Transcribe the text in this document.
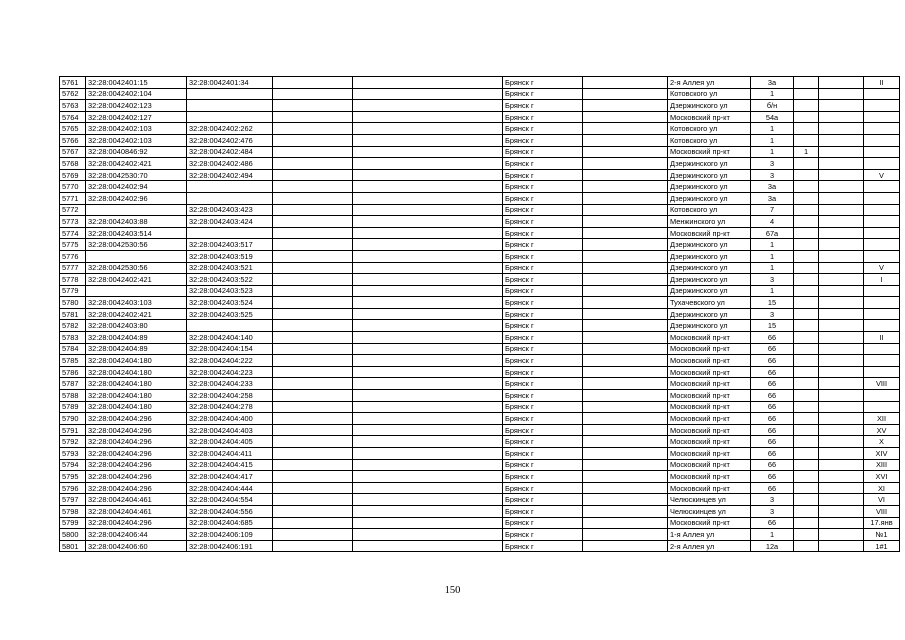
5761	32:28:0042401:15	32:28:0042401:34			Брянск г		2-я Аллея ул	3а			II
5762	32:28:0042402:104				Брянск г		Котовского ул	1			
5763	32:28:0042402:123				Брянск г		Дзержинского ул	б/н			
5764	32:28:0042402:127				Брянск г		Московский пр-кт	54а			
5765	32:28:0042402:103	32:28:0042402:262			Брянск г		Котовского ул	1			
5766	32:28:0042402:103	32:28:0042402:476			Брянск г		Котовского ул	1			
5767	32:28:0040846:92	32:28:0042402:484			Брянск г		Московский пр-кт	1	1		
5768	32:28:0042402:421	32:28:0042402:486			Брянск г		Дзержинского ул	3			
5769	32:28:0042530:70	32:28:0042402:494			Брянск г		Дзержинского ул	3			V
5770	32:28:0042402:94				Брянск г		Дзержинского ул	3а			
5771	32:28:0042402:96				Брянск г		Дзержинского ул	3а			
5772		32:28:0042403:423			Брянск г		Котовского ул	7			
5773	32:28:0042403:88	32:28:0042403:424			Брянск г		Менжинского ул	4			
5774	32:28:0042403:514				Брянск г		Московский пр-кт	67а			
5775	32:28:0042530:56	32:28:0042403:517			Брянск г		Дзержинского ул	1			
5776		32:28:0042403:519			Брянск г		Дзержинского ул	1			
5777	32:28:0042530:56	32:28:0042403:521			Брянск г		Дзержинского ул	1			V
5778	32:28:0042402:421	32:28:0042403:522			Брянск г		Дзержинского ул	3			I
5779		32:28:0042403:523			Брянск г		Дзержинского ул	1			
5780	32:28:0042403:103	32:28:0042403:524			Брянск г		Тухачевского ул	15			
5781	32:28:0042402:421	32:28:0042403:525			Брянск г		Дзержинского ул	3			
5782	32:28:0042403:80				Брянск г		Дзержинского ул	15			
5783	32:28:0042404:89	32:28:0042404:140			Брянск г		Московский пр-кт	66			II
5784	32:28:0042404:89	32:28:0042404:154			Брянск г		Московский пр-кт	66			
5785	32:28:0042404:180	32:28:0042404:222			Брянск г		Московский пр-кт	66			
5786	32:28:0042404:180	32:28:0042404:223			Брянск г		Московский пр-кт	66			
5787	32:28:0042404:180	32:28:0042404:233			Брянск г		Московский пр-кт	66			VIII
5788	32:28:0042404:180	32:28:0042404:258			Брянск г		Московский пр-кт	66			
5789	32:28:0042404:180	32:28:0042404:278			Брянск г		Московский пр-кт	66			
5790	32:28:0042404:296	32:28:0042404:400			Брянск г		Московский пр-кт	66			XII
5791	32:28:0042404:296	32:28:0042404:403			Брянск г		Московский пр-кт	66			XV
5792	32:28:0042404:296	32:28:0042404:405			Брянск г		Московский пр-кт	66			X
5793	32:28:0042404:296	32:28:0042404:411			Брянск г		Московский пр-кт	66			XIV
5794	32:28:0042404:296	32:28:0042404:415			Брянск г		Московский пр-кт	66			XIII
5795	32:28:0042404:296	32:28:0042404:417			Брянск г		Московский пр-кт	66			XVI
5796	32:28:0042404:296	32:28:0042404:444			Брянск г		Московский пр-кт	66			XI
5797	32:28:0042404:461	32:28:0042404:554			Брянск г		Челюскинцев ул	3			VI
5798	32:28:0042404:461	32:28:0042404:556			Брянск г		Челюскинцев ул	3			VIII
5799	32:28:0042404:296	32:28:0042404:685			Брянск г		Московский пр-кт	66			17.янв
5800	32:28:0042406:44	32:28:0042406:109			Брянск г		1-я Аллея ул	1			№1
5801	32:28:0042406:60	32:28:0042406:191			Брянск г		2-я Аллея ул	12а			1#1
150
